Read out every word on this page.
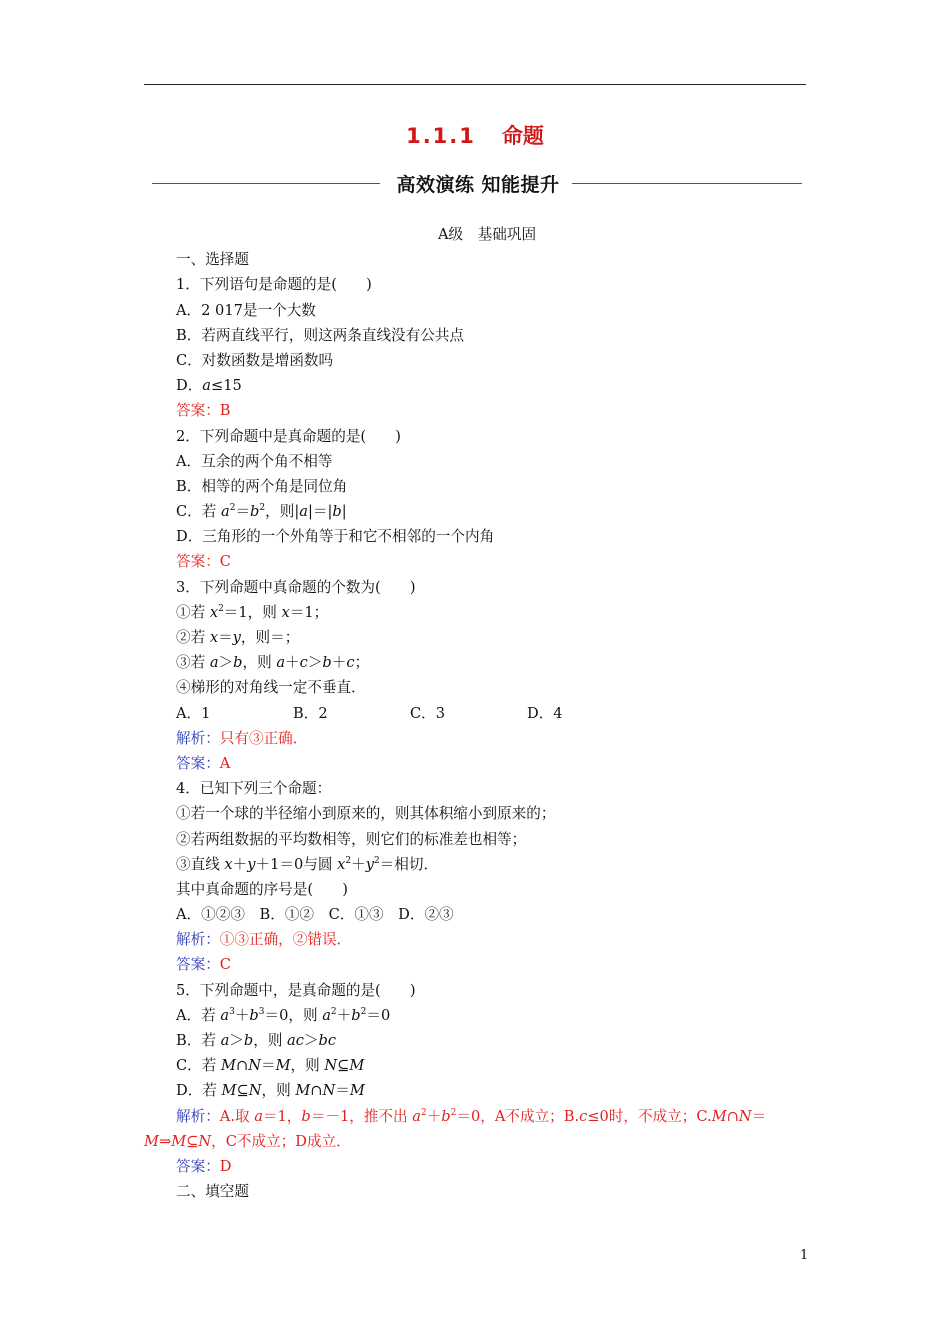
1.1.1 命题
高效演练 知能提升
A级　基础巩固
一、选择题
1．下列语句是命题的是(　　)
A．2 017是一个大数
B．若两直线平行，则这两条直线没有公共点
C．对数函数是增函数吗
D．a≤15
答案：B
2．下列命题中是真命题的是(　　)
A．互余的两个角不相等
B．相等的两个角是同位角
C．若 $a^2=b^2$，则|a|＝|b|
D．三角形的一个外角等于和它不相邻的一个内角
答案：C
3．下列命题中真命题的个数为(　　)
①若 $x^2=1$，则 x＝1；
②若 x＝y，则＝；
③若 a＞b，则 a＋c＞b＋c；
④梯形的对角线一定不垂直．
A．1	B．2	C．3	D．4
解析：只有③正确．
答案：A
4．已知下列三个命题：
①若一个球的半径缩小到原来的，则其体积缩小到原来的；
②若两组数据的平均数相等，则它们的标准差也相等；
③直线 x＋y＋1＝0与圆 $x^2+y^2=$相切．
其中真命题的序号是(　　)
A．①②③　B．①②　C．①③　D．②③
解析：①③正确，②错误．
答案：C
5．下列命题中，是真命题的是(　　)
A．若 $a^3+b^3=0$，则 $a^2+b^2=0$
B．若 a＞b，则 ac＞bc
C．若 M∩N＝M，则 N⊆M
D．若 M⊆N，则 M∩N＝M
解析：A.取 a＝1，b＝－1，推不出 $a^2+b^2=0$，A不成立；B.c≤0时，不成立；C.M∩N＝
M⇒M⊆N，C不成立；D成立．
答案：D
二、填空题
1
